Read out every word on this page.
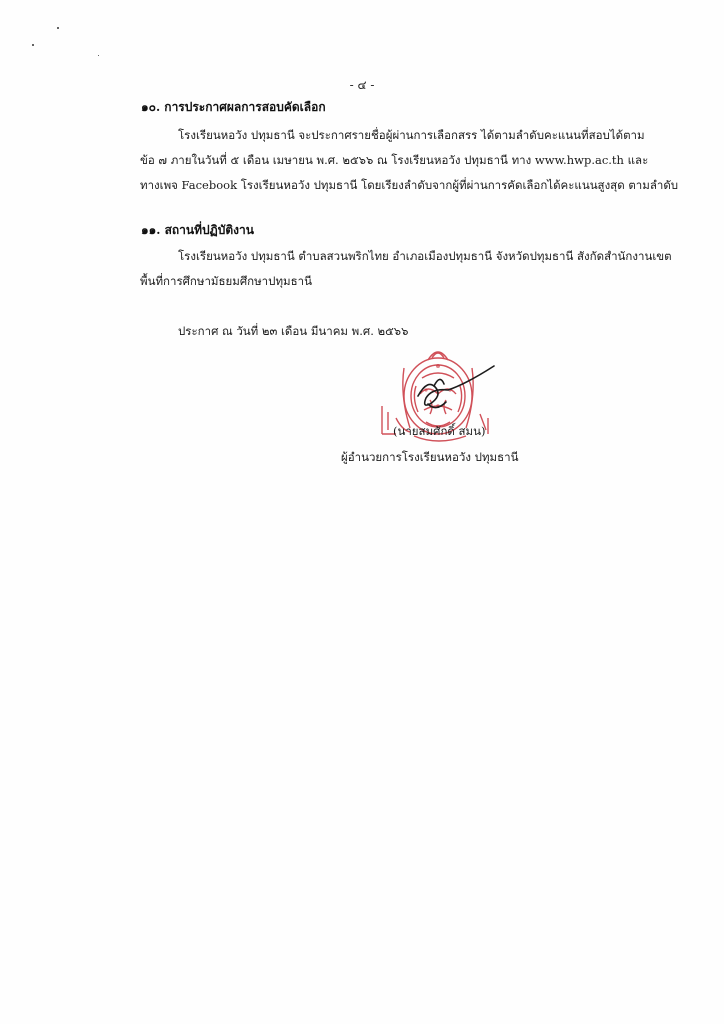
- ๔ -
๑๐. การประกาศผลการสอบคัดเลือก
โรงเรียนหอวัง ปทุมธานี จะประกาศรายชื่อผู้ผ่านการเลือกสรร ได้ตามลำดับคะแนนที่สอบได้ตาม
ข้อ ๗ ภายในวันที่ ๕ เดือน เมษายน พ.ศ. ๒๕๖๖ ณ โรงเรียนหอวัง ปทุมธานี ทาง www.hwp.ac.th และ
ทางเพจ Facebook โรงเรียนหอวัง ปทุมธานี โดยเรียงลำดับจากผู้ที่ผ่านการคัดเลือกได้คะแนนสูงสุด ตามลำดับ
๑๑. สถานที่ปฏิบัติงาน
โรงเรียนหอวัง ปทุมธานี ตำบลสวนพริกไทย อำเภอเมืองปทุมธานี จังหวัดปทุมธานี สังกัดสำนักงานเขต
พื้นที่การศึกษามัธยมศึกษาปทุมธานี
ประกาศ ณ วันที่ ๒๓ เดือน มีนาคม พ.ศ. ๒๕๖๖
(นายสมศักดิ์ สมน)
ผู้อำนวยการโรงเรียนหอวัง ปทุมธานี
